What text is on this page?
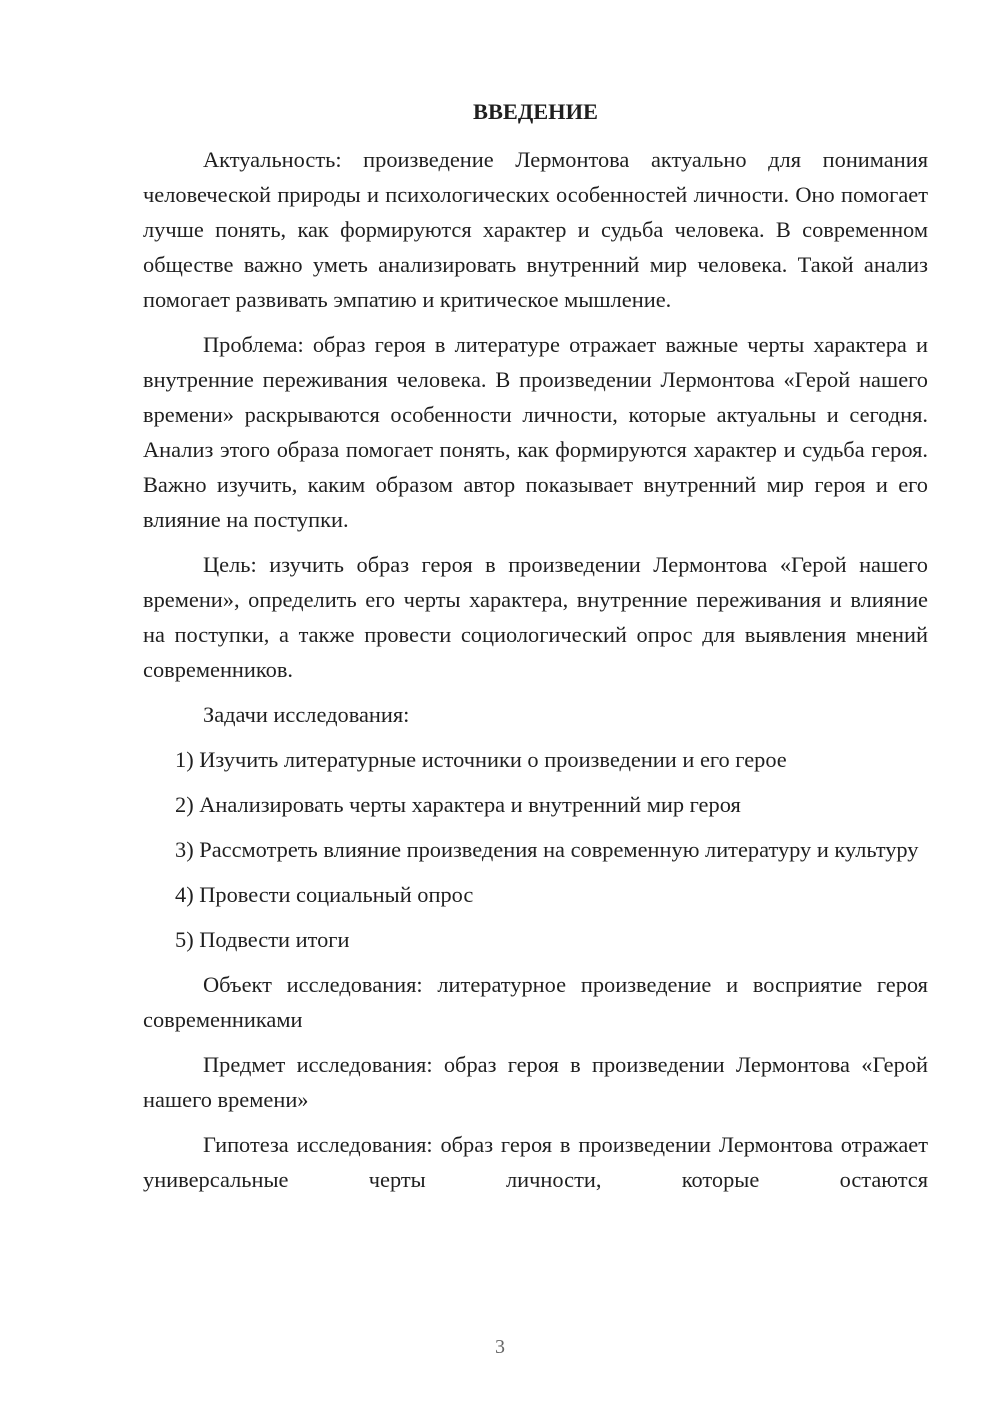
ВВЕДЕНИЕ

Актуальность: произведение Лермонтова актуально для понимания человеческой природы и психологических особенностей личности. Оно помогает лучше понять, как формируются характер и судьба человека. В современном обществе важно уметь анализировать внутренний мир человека. Такой анализ помогает развивать эмпатию и критическое мышление.

Проблема: образ героя в литературе отражает важные черты характера и внутренние переживания человека. В произведении Лермонтова «Герой нашего времени» раскрываются особенности личности, которые актуальны и сегодня. Анализ этого образа помогает понять, как формируются характер и судьба героя. Важно изучить, каким образом автор показывает внутренний мир героя и его влияние на поступки.

Цель: изучить образ героя в произведении Лермонтова «Герой нашего времени», определить его черты характера, внутренние переживания и влияние на поступки, а также провести социологический опрос для выявления мнений современников.

Задачи исследования:

1) Изучить литературные источники о произведении и его герое

2) Анализировать черты характера и внутренний мир героя

3) Рассмотреть влияние произведения на современную литературу и культуру

4) Провести социальный опрос

5) Подвести итоги

Объект исследования: литературное произведение и восприятие героя современниками

Предмет исследования: образ героя в произведении Лермонтова «Герой нашего времени»

Гипотеза исследования: образ героя в произведении Лермонтова отражает универсальные черты личности, которые остаются

3
